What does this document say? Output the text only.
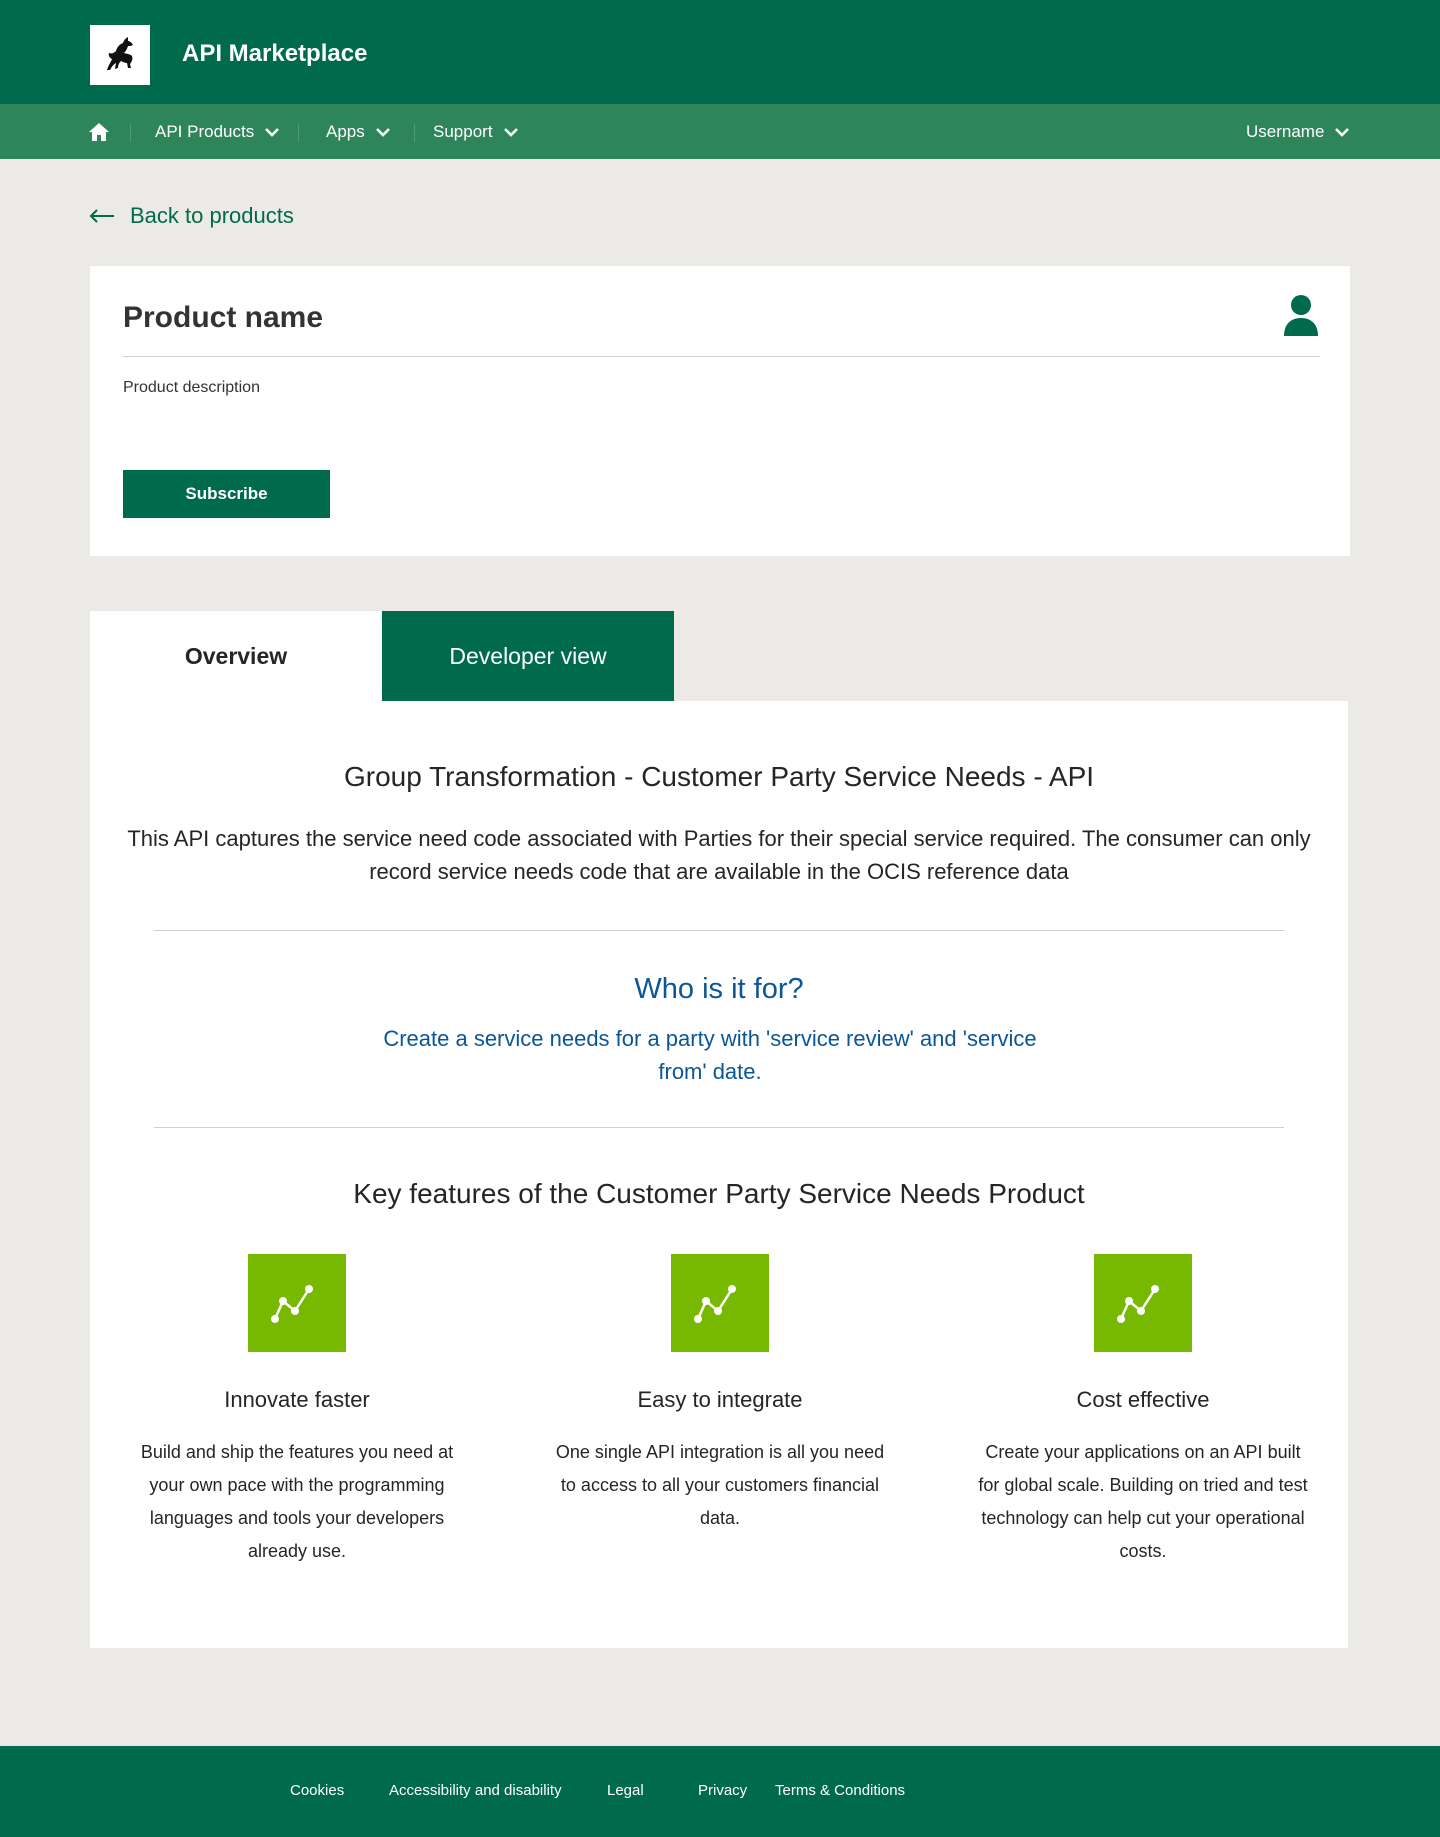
API Marketplace
API Products	Apps	Support	Username
Back to products
Product name
Product description
Subscribe
Overview	Developer view
Group Transformation - Customer Party Service Needs - API
This API captures the service need code associated with Parties for their special service required. The consumer can only record service needs code that are available in the OCIS reference data
Who is it for?
Create a service needs for a party with 'service review' and 'service from' date.
Key features of the Customer Party Service Needs Product
Innovate faster
Build and ship the features you need at your own pace with the programming languages and tools your developers already use.
Easy to integrate
One single API integration is all you need to access to all your customers financial data.
Cost effective
Create your applications on an API built for global scale. Building on tried and test technology can help cut your operational costs.
Cookies	Accessibility and disability	Legal	Privacy Terms & Conditions
